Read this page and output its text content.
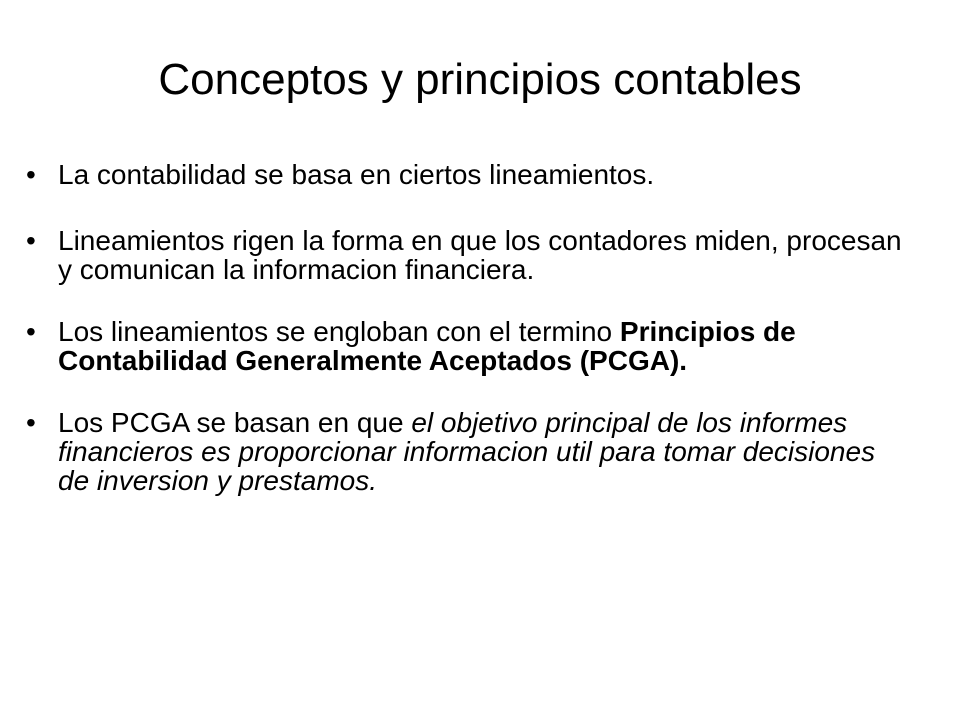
Conceptos y principios contables
• La contabilidad se basa en ciertos lineamientos.
• Lineamientos rigen la forma en que los contadores miden, procesan y comunican la informacion financiera.
• Los lineamientos se engloban con el termino Principios de Contabilidad Generalmente Aceptados (PCGA).
• Los PCGA se basan en que el objetivo principal de los informes financieros es proporcionar informacion util para tomar decisiones de inversion y prestamos.
